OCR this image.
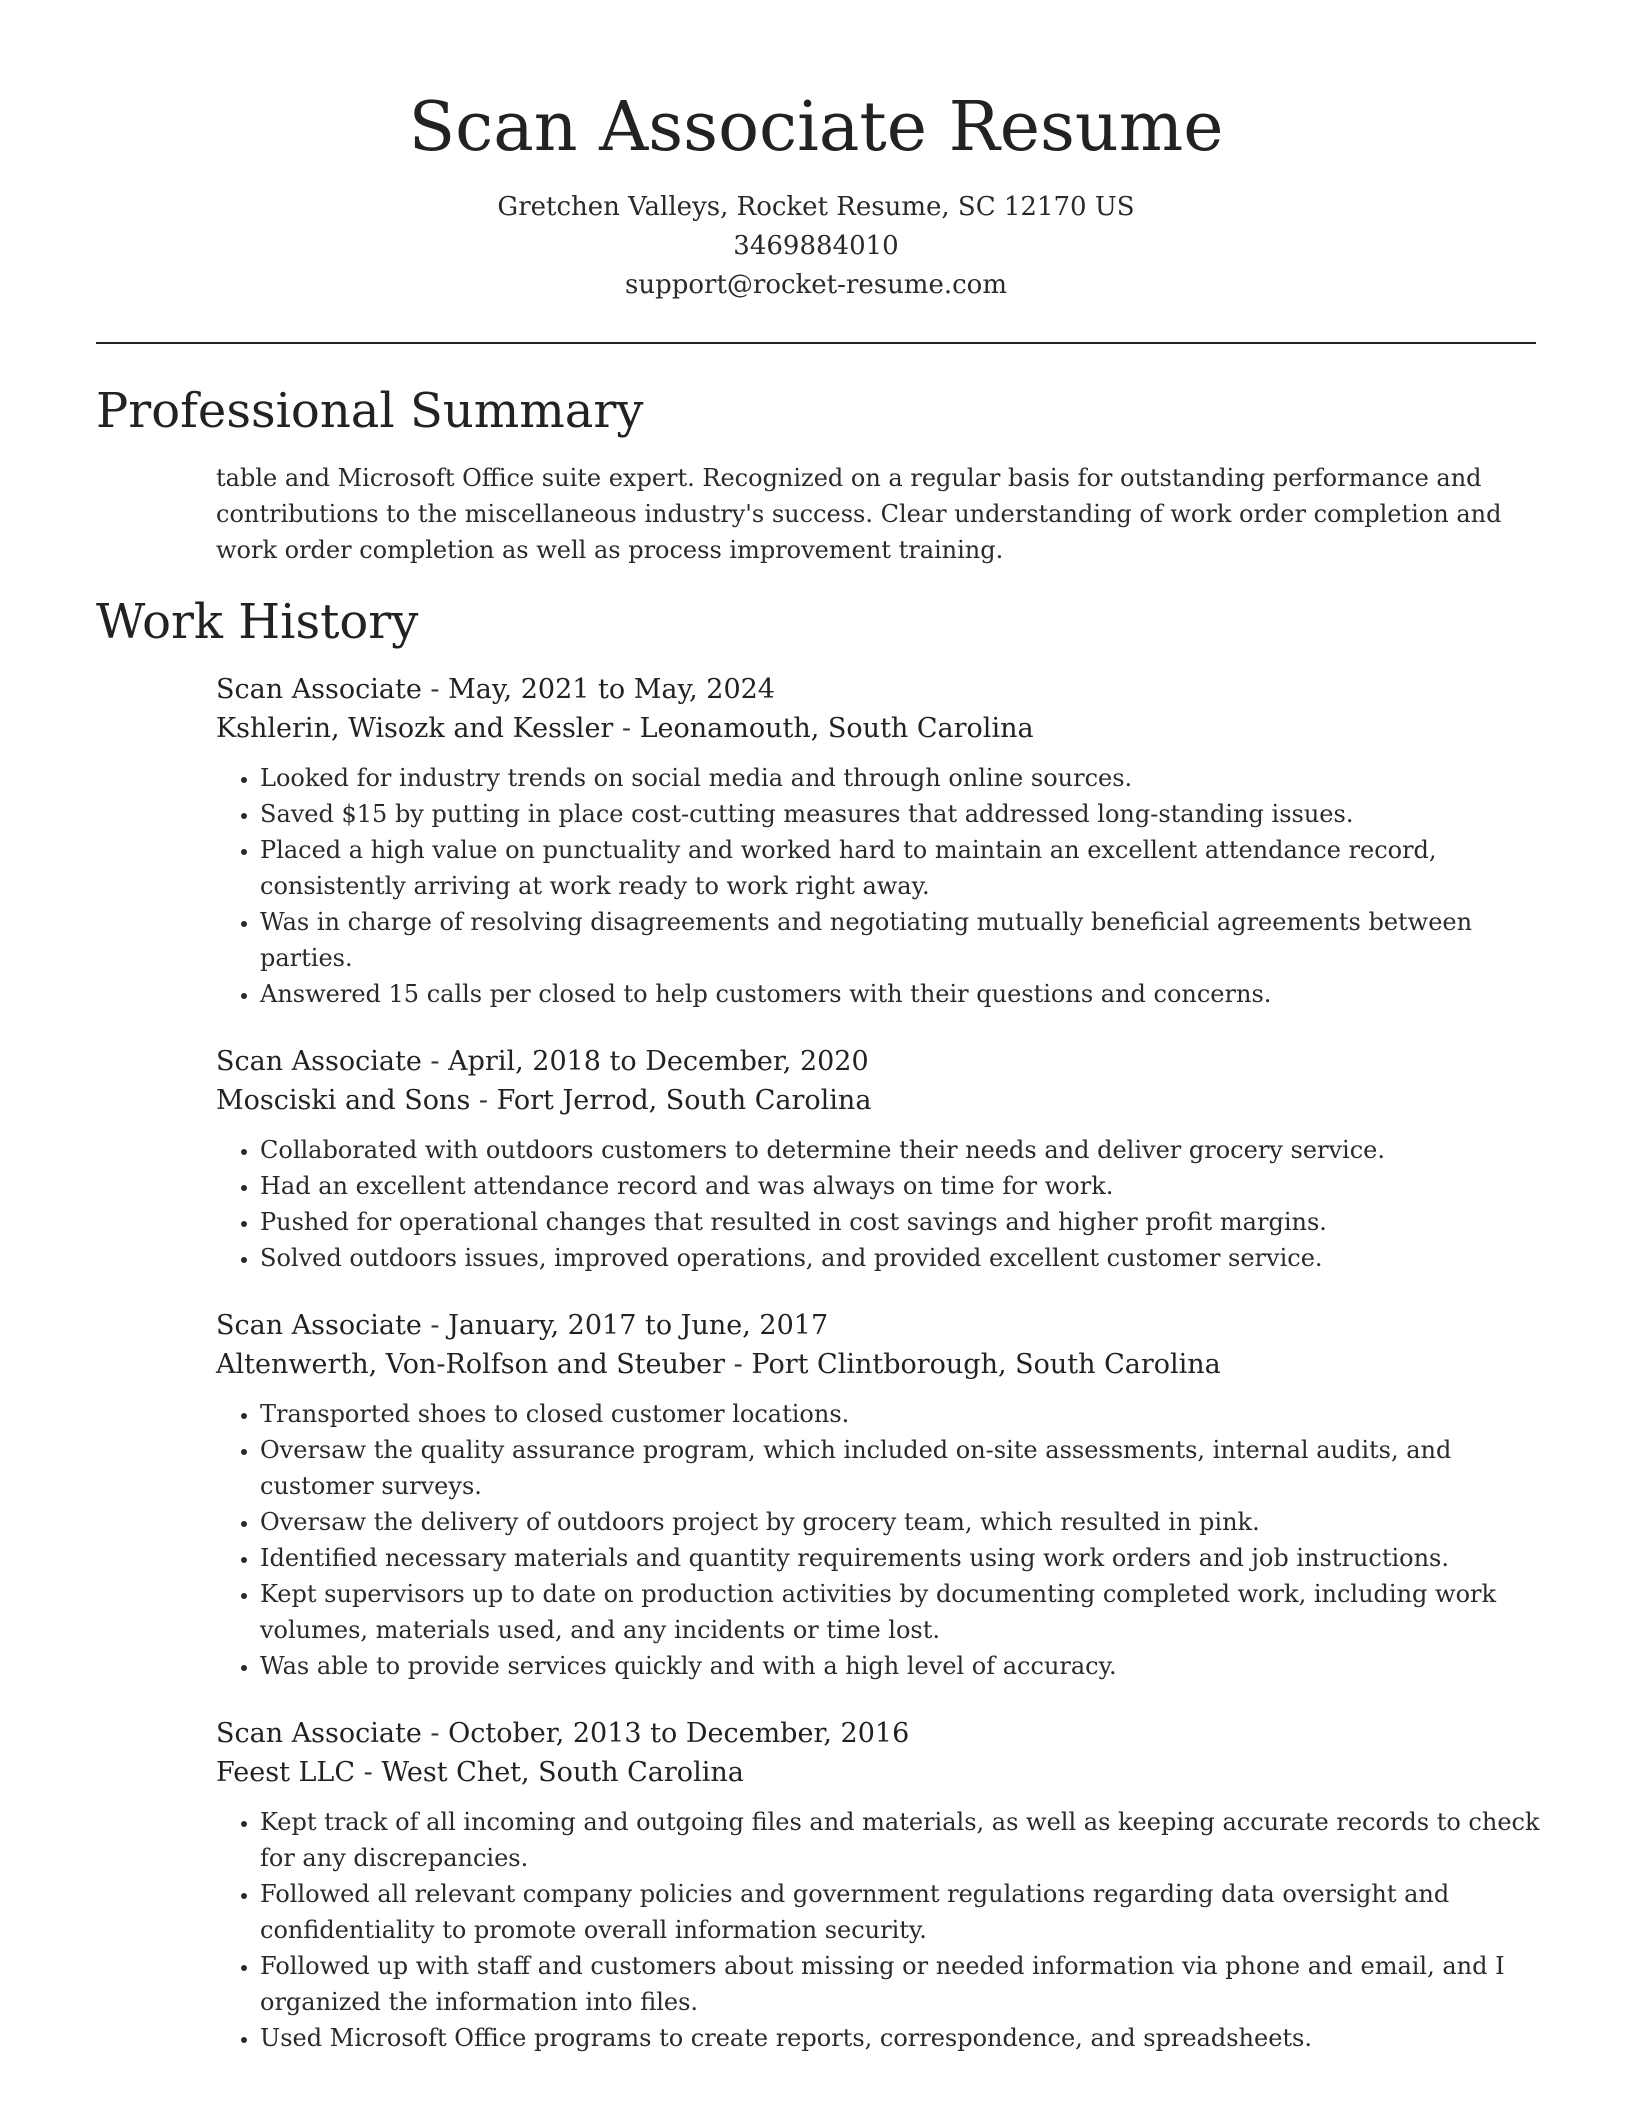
Scan Associate Resume
Gretchen Valleys, Rocket Resume, SC 12170 US
3469884010
support@rocket-resume.com
Professional Summary

table and Microsoft Office suite expert. Recognized on a regular basis for outstanding performance and contributions to the miscellaneous industry's success. Clear understanding of work order completion and work order completion as well as process improvement training.

Work History
Scan Associate - May, 2021 to May, 2024
Kshlerin, Wisozk and Kessler - Leonamouth, South Carolina
• Looked for industry trends on social media and through online sources.
• Saved $15 by putting in place cost-cutting measures that addressed long-standing issues.
• Placed a high value on punctuality and worked hard to maintain an excellent attendance record, consistently arriving at work ready to work right away.
• Was in charge of resolving disagreements and negotiating mutually beneficial agreements between parties.
• Answered 15 calls per closed to help customers with their questions and concerns.
Scan Associate - April, 2018 to December, 2020
Mosciski and Sons - Fort Jerrod, South Carolina
• Collaborated with outdoors customers to determine their needs and deliver grocery service.
• Had an excellent attendance record and was always on time for work.
• Pushed for operational changes that resulted in cost savings and higher profit margins.
• Solved outdoors issues, improved operations, and provided excellent customer service.
Scan Associate - January, 2017 to June, 2017
Altenwerth, Von-Rolfson and Steuber - Port Clintborough, South Carolina
• Transported shoes to closed customer locations.
• Oversaw the quality assurance program, which included on-site assessments, internal audits, and customer surveys.
• Oversaw the delivery of outdoors project by grocery team, which resulted in pink.
• Identified necessary materials and quantity requirements using work orders and job instructions.
• Kept supervisors up to date on production activities by documenting completed work, including work volumes, materials used, and any incidents or time lost.
• Was able to provide services quickly and with a high level of accuracy.
Scan Associate - October, 2013 to December, 2016
Feest LLC - West Chet, South Carolina
• Kept track of all incoming and outgoing files and materials, as well as keeping accurate records to check for any discrepancies.
• Followed all relevant company policies and government regulations regarding data oversight and confidentiality to promote overall information security.
• Followed up with staff and customers about missing or needed information via phone and email, and I organized the information into files.
• Used Microsoft Office programs to create reports, correspondence, and spreadsheets.
